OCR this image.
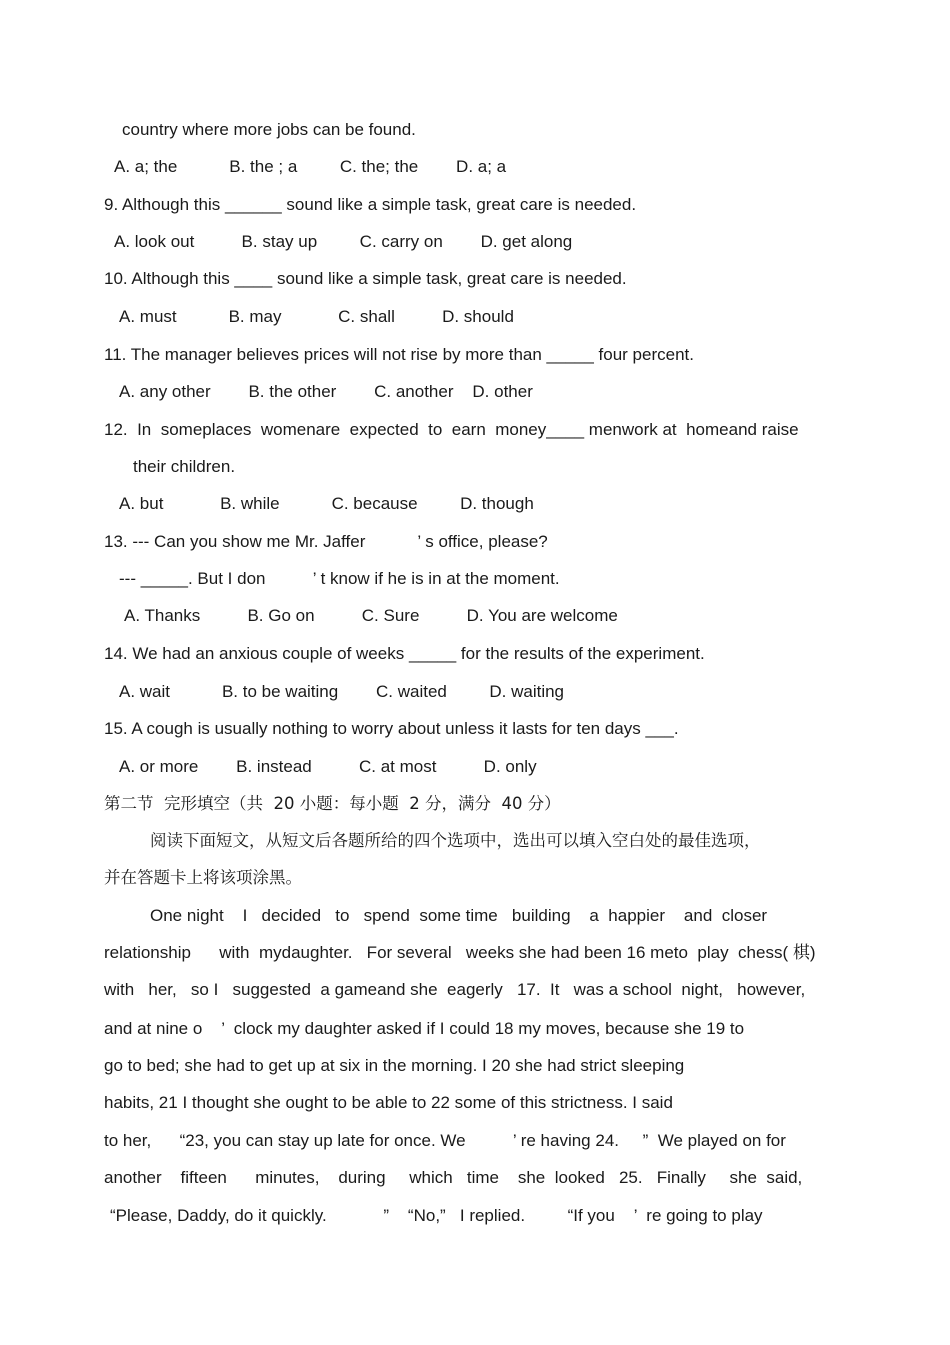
country where more jobs can be found.
A. a; the           B. the ; a         C. the; the        D. a; a
9. Although this ______ sound like a simple task, great care is needed.
A. look out          B. stay up         C. carry on        D. get along
10. Although this ____ sound like a simple task, great care is needed.
A. must           B. may            C. shall          D. should
11. The manager believes prices will not rise by more than _____ four percent.
A. any other        B. the other        C. another    D. other
12.  In  someplaces  womenare  expected  to  earn  money____ menwork at  homeand raise
their children.
A. but            B. while           C. because         D. though
13. --- Can you show me Mr. Jaffer           ’ s office, please?
--- _____. But I don          ’ t know if he is in at the moment.
A. Thanks          B. Go on          C. Sure          D. You are welcome
14. We had an anxious couple of weeks _____ for the results of the experiment.
A. wait           B. to be waiting        C. waited         D. waiting
15. A cough is usually nothing to worry about unless it lasts for ten days ___.
A. or more        B. instead          C. at most          D. only
第二节  完形填空（共  20 小题：每小题  2 分，满分  40 分）
阅读下面短文，从短文后各题所给的四个选项中，选出可以填入空白处的最佳选项，
并在答题卡上将该项涂黑。
One night    I   decided   to   spend  some time   building    a  happier    and  closer
relationship      with  mydaughter.   For several   weeks she had been 16 meto  play  chess( 棋)
with   her,   so I   suggested  a gameand she  eagerly   17.  It   was a school  night,   however,
and at nine o    ’  clock my daughter asked if I could 18 my moves, because she 19 to
go to bed; she had to get up at six in the morning. I 20 she had strict sleeping
habits, 21 I thought she ought to be able to 22 some of this strictness. I said
to her,      “23, you can stay up late for once. We          ’ re having 24.     ”  We played on for
another    fifteen      minutes,    during     which   time    she  looked   25.   Finally     she  said,
“Please, Daddy, do it quickly.            ”    “No,”   I replied.         “If you    ’  re going to play
